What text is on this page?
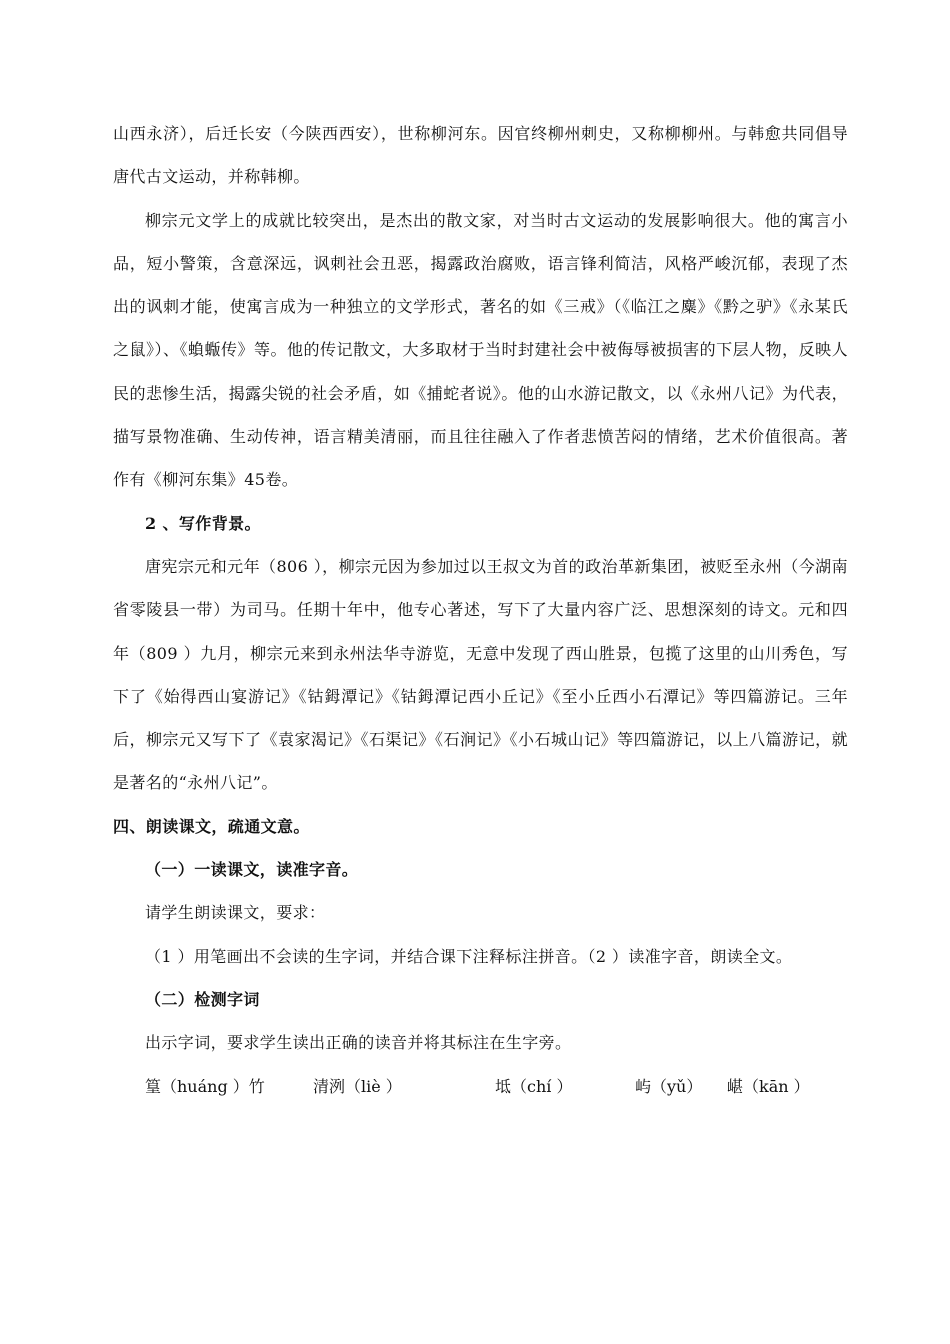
山西永济），后迁长安（今陕西西安），世称柳河东。因官终柳州刺史，又称柳柳州。与韩愈共同倡导唐代古文运动，并称韩柳。

柳宗元文学上的成就比较突出，是杰出的散文家，对当时古文运动的发展影响很大。他的寓言小品，短小警策，含意深远，讽刺社会丑恶，揭露政治腐败，语言锋利简洁，风格严峻沉郁，表现了杰出的讽刺才能，使寓言成为一种独立的文学形式，著名的如《三戒》（《临江之麋》《黔之驴》《永某氏之鼠》）、《蝜蝂传》等。他的传记散文，大多取材于当时封建社会中被侮辱被损害的下层人物，反映人民的悲惨生活，揭露尖锐的社会矛盾，如《捕蛇者说》。他的山水游记散文，以《永州八记》为代表，描写景物准确、生动传神，语言精美清丽，而且往往融入了作者悲愤苦闷的情绪，艺术价值很高。著作有《柳河东集》45卷。

2 、写作背景。

唐宪宗元和元年（806 ），柳宗元因为参加过以王叔文为首的政治革新集团，被贬至永州（今湖南省零陵县一带）为司马。任期十年中，他专心著述，写下了大量内容广泛、思想深刻的诗文。元和四年（809 ）九月，柳宗元来到永州法华寺游览，无意中发现了西山胜景，包揽了这里的山川秀色，写下了《始得西山宴游记》《钴鉧潭记》《钴鉧潭记西小丘记》《至小丘西小石潭记》等四篇游记。三年后，柳宗元又写下了《袁家渴记》《石渠记》《石涧记》《小石城山记》等四篇游记，以上八篇游记，就是著名的“永州八记”。

四、朗读课文，疏通文意。

（一）一读课文，读准字音。

请学生朗读课文，要求：

（1 ）用笔画出不会读的生字词，并结合课下注释标注拼音。（2 ）读准字音，朗读全文。

（二）检测字词

出示字词，要求学生读出正确的读音并将其标注在生字旁。

篁（huáng ）竹	清洌（liè ）	坻（chí ）	屿（yǔ）	嵁（kān ）
